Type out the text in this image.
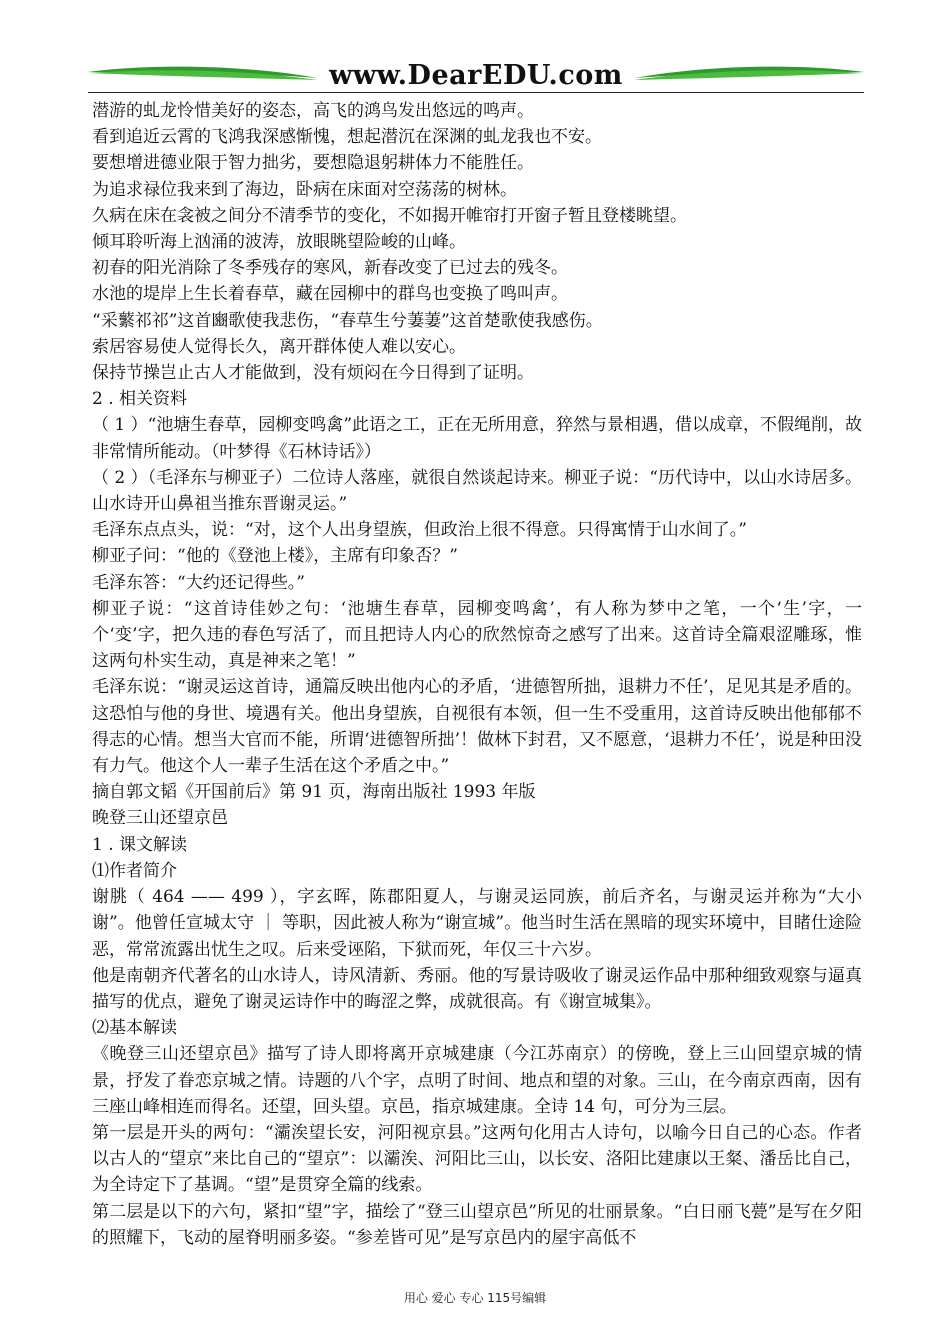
www.DearEDU.com

潜游的虬龙怜惜美好的姿态，高飞的鸿鸟发出悠远的鸣声。

看到追近云霄的飞鸿我深感惭愧，想起潜沉在深渊的虬龙我也不安。

要想增进德业限于智力拙劣，要想隐退躬耕体力不能胜任。

为追求禄位我来到了海边，卧病在床面对空荡荡的树林。

久病在床在衾被之间分不清季节的变化，不如揭开帷帘打开窗子暂且登楼眺望。

倾耳聆听海上汹涌的波涛，放眼眺望险峻的山峰。

初春的阳光消除了冬季残存的寒风，新春改变了已过去的残冬。

水池的堤岸上生长着春草，藏在园柳中的群鸟也变换了鸣叫声。

“采蘩祁祁”这首豳歌使我悲伤，“春草生兮萋萋”这首楚歌使我感伤。

索居容易使人觉得长久，离开群体使人难以安心。

保持节操岂止古人才能做到，没有烦闷在今日得到了证明。

2 . 相关资料

（ 1 ）“池塘生春草，园柳变鸣禽”此语之工，正在无所用意，猝然与景相遇，借以成章，不假绳削，故非常情所能动。（叶梦得《石林诗话》）

（ 2 ）（毛泽东与柳亚子）二位诗人落座，就很自然谈起诗来。柳亚子说：“历代诗中，以山水诗居多。山水诗开山鼻祖当推东晋谢灵运。”

毛泽东点点头，说：“对，这个人出身望族，但政治上很不得意。只得寓情于山水间了。”

柳亚子问：“他的《登池上楼》，主席有印象否？”

毛泽东答：“大约还记得些。”

柳亚子说：“这首诗佳妙之句：‘池塘生春草，园柳变鸣禽’，有人称为梦中之笔，一个‘生’字，一个‘变’字，把久违的春色写活了，而且把诗人内心的欣然惊奇之感写了出来。这首诗全篇艰涩雕琢，惟这两句朴实生动，真是神来之笔！”

毛泽东说：“谢灵运这首诗，通篇反映出他内心的矛盾，‘进德智所拙，退耕力不任’，足见其是矛盾的。这恐怕与他的身世、境遇有关。他出身望族，自视很有本领，但一生不受重用，这首诗反映出他郁郁不得志的心情。想当大官而不能，所谓‘进德智所拙’！做林下封君，又不愿意，‘退耕力不任’，说是种田没有力气。他这个人一辈子生活在这个矛盾之中。”

摘自郭文韬《开国前后》第 91 页，海南出版社 1993 年版

晚登三山还望京邑

1 . 课文解读

⑴作者简介

谢朓（ 464 —— 499 ），字玄晖，陈郡阳夏人，与谢灵运同族，前后齐名，与谢灵运并称为“大小谢”。他曾任宣城太守 ｜ 等职，因此被人称为“谢宣城”。他当时生活在黑暗的现实环境中，目睹仕途险恶，常常流露出忧生之叹。后来受诬陷，下狱而死，年仅三十六岁。

他是南朝齐代著名的山水诗人，诗风清新、秀丽。他的写景诗吸收了谢灵运作品中那种细致观察与逼真描写的优点，避免了谢灵运诗作中的晦涩之弊，成就很高。有《谢宣城集》。

⑵基本解读

《晚登三山还望京邑》描写了诗人即将离开京城建康（今江苏南京）的傍晚，登上三山回望京城的情景，抒发了眷恋京城之情。诗题的八个字，点明了时间、地点和望的对象。三山，在今南京西南，因有三座山峰相连而得名。还望，回头望。京邑，指京城建康。全诗 14 句，可分为三层。

第一层是开头的两句：“灞涘望长安，河阳视京县。”这两句化用古人诗句，以喻今日自己的心态。作者以古人的“望京”来比自己的“望京”：以灞涘、河阳比三山，以长安、洛阳比建康以王粲、潘岳比自己，为全诗定下了基调。“望”是贯穿全篇的线索。

第二层是以下的六句，紧扣“望”字，描绘了“登三山望京邑”所见的壮丽景象。“白日丽飞甍”是写在夕阳的照耀下，飞动的屋脊明丽多姿。“参差皆可见”是写京邑内的屋宇高低不

用心 爱心 专心 115号编辑
